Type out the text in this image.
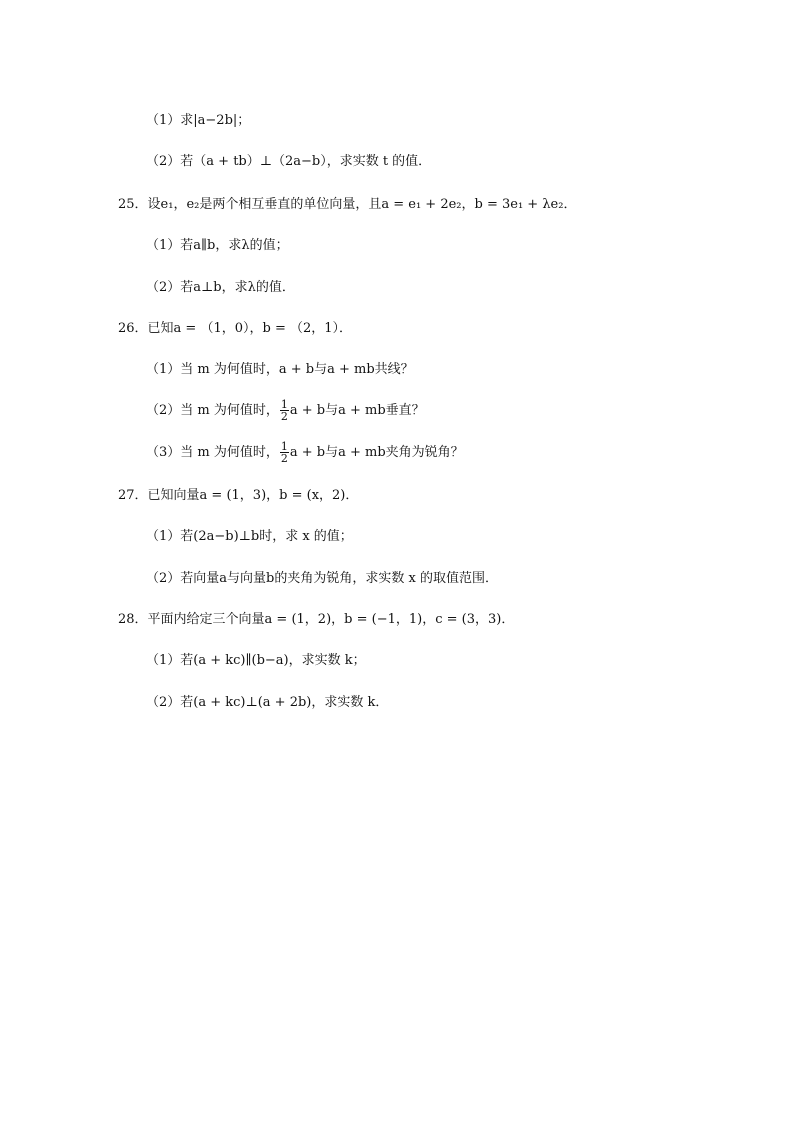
（1）求|a−2b|；
（2）若（a + tb）⊥（2a−b），求实数 t 的值．
25．设e₁，e₂是两个相互垂直的单位向量，且a = e₁ + 2e₂，b = 3e₁ + λe₂．
（1）若a∥b，求λ的值；
（2）若a⊥b，求λ的值．
26．已知a = （1，0），b = （2，1）．
（1）当 m 为何值时，a + b与a + mb共线？
（2）当 m 为何值时， $\frac{1}{2}$ a + b与a + mb垂直？
（3）当 m 为何值时， $\frac{1}{2}$ a + b与a + mb夹角为锐角？
27．已知向量a = (1，3)，b = (x，2)．
（1）若(2a−b)⊥b时，求 x 的值；
（2）若向量a与向量b的夹角为锐角，求实数 x 的取值范围．
28．平面内给定三个向量a = (1，2)，b = (−1，1)，c = (3，3)．
（1）若(a + kc)∥(b−a)，求实数 k；
（2）若(a + kc)⊥(a + 2b)，求实数 k．
